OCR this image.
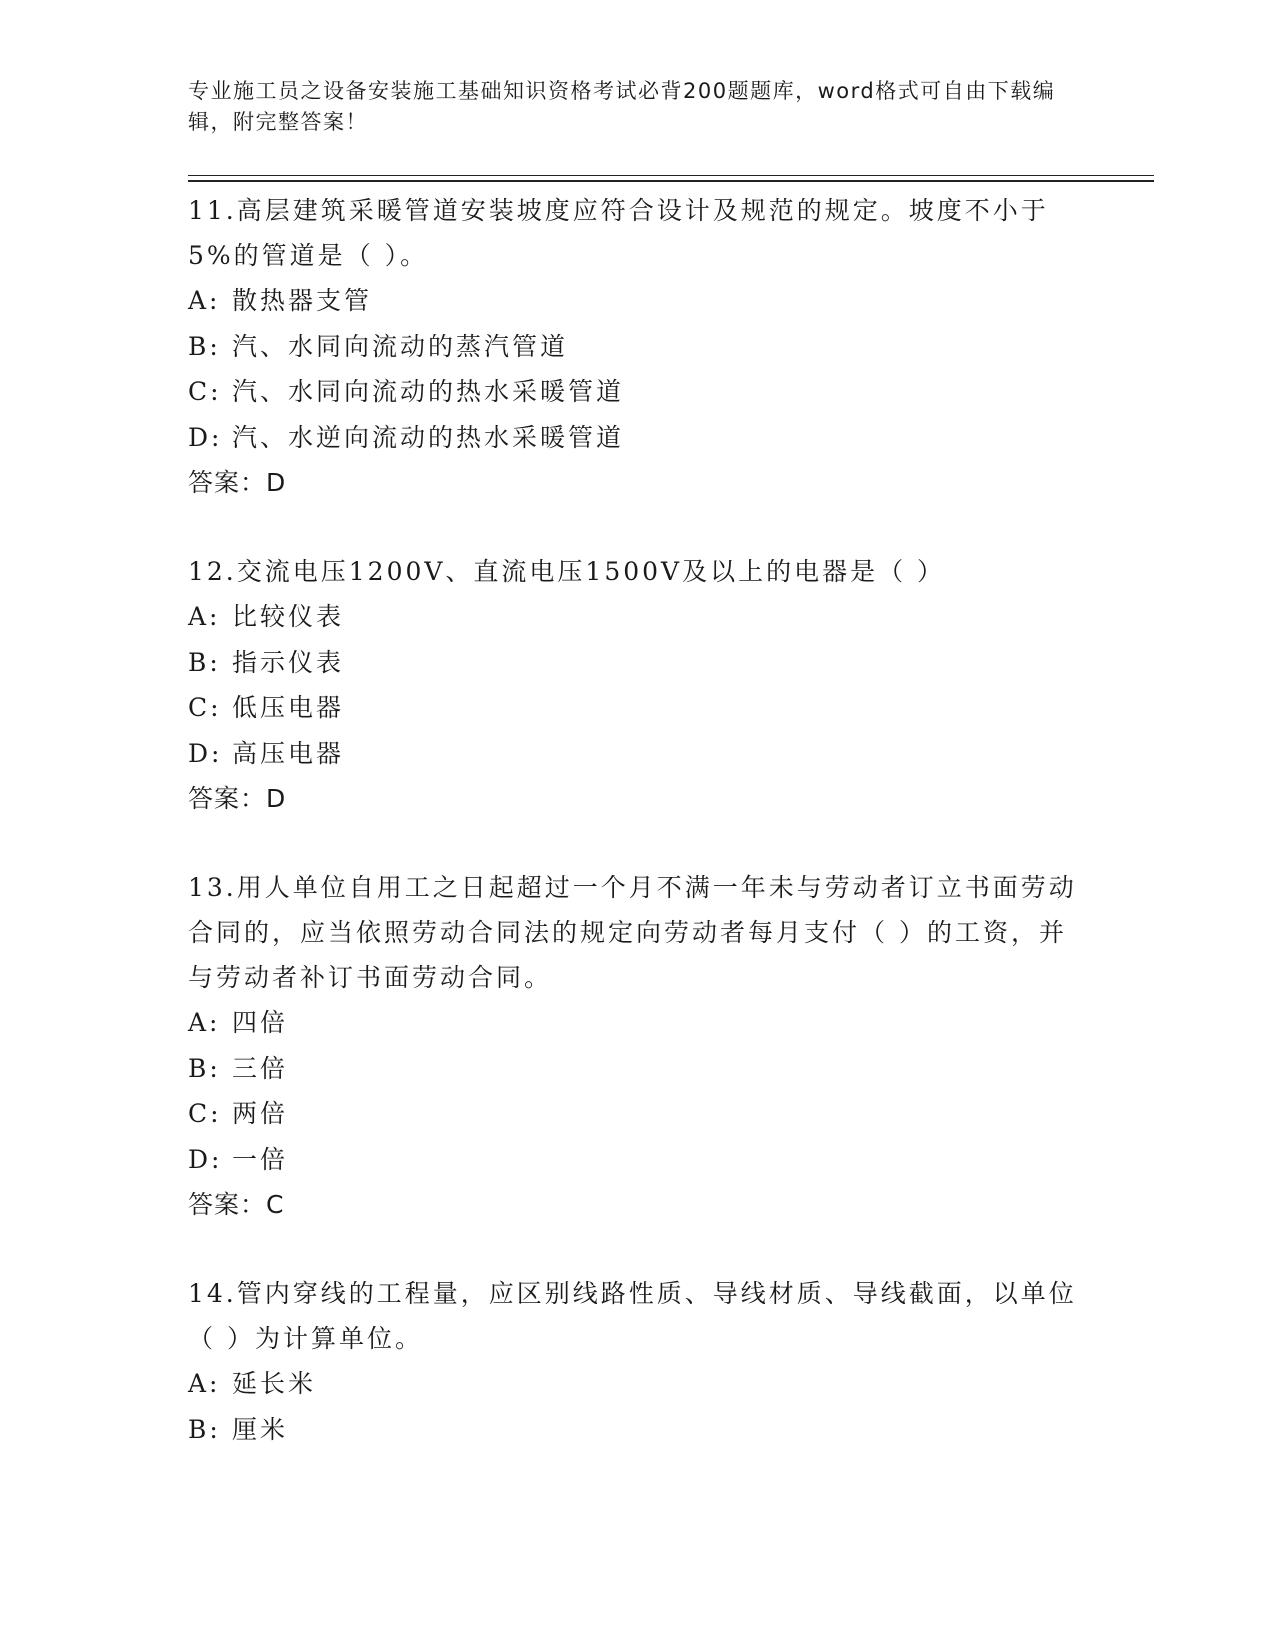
专业施工员之设备安装施工基础知识资格考试必背200题题库，word格式可自由下载编辑，附完整答案！

11.高层建筑采暖管道安装坡度应符合设计及规范的规定。坡度不小于5%的管道是（ ）。

A: 散热器支管
B: 汽、水同向流动的蒸汽管道
C: 汽、水同向流动的热水采暖管道
D: 汽、水逆向流动的热水采暖管道
答案：D

12.交流电压1200V、直流电压1500V及以上的电器是（ ）

A: 比较仪表
B: 指示仪表
C: 低压电器
D: 高压电器
答案：D

13.用人单位自用工之日起超过一个月不满一年未与劳动者订立书面劳动合同的，应当依照劳动合同法的规定向劳动者每月支付（ ）的工资，并与劳动者补订书面劳动合同。

A: 四倍
B: 三倍
C: 两倍
D: 一倍
答案：C

14.管内穿线的工程量，应区别线路性质、导线材质、导线截面，以单位（ ）为计算单位。

A: 延长米
B: 厘米
